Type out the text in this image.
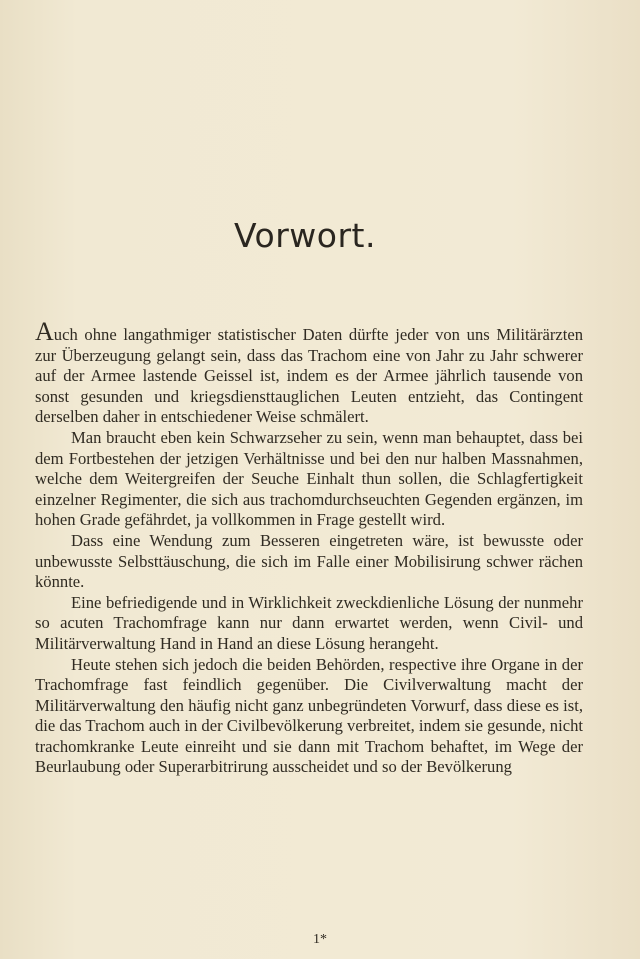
Vorwort.

Auch ohne langathmiger statistischer Daten dürfte jeder von uns Militärärzten zur Überzeugung gelangt sein, dass das Trachom eine von Jahr zu Jahr schwerer auf der Armee lastende Geissel ist, indem es der Armee jährlich tausende von sonst gesunden und kriegsdiensttauglichen Leuten entzieht, das Contingent derselben daher in entschiedener Weise schmälert.

Man braucht eben kein Schwarzseher zu sein, wenn man behauptet, dass bei dem Fortbestehen der jetzigen Verhältnisse und bei den nur halben Massnahmen, welche dem Weitergreifen der Seuche Einhalt thun sollen, die Schlagfertigkeit einzelner Regimenter, die sich aus trachomdurchseuchten Gegenden ergänzen, im hohen Grade gefährdet, ja vollkommen in Frage gestellt wird.

Dass eine Wendung zum Besseren eingetreten wäre, ist bewusste oder unbewusste Selbsttäuschung, die sich im Falle einer Mobilisirung schwer rächen könnte.

Eine befriedigende und in Wirklichkeit zweckdienliche Lösung der nunmehr so acuten Trachomfrage kann nur dann erwartet werden, wenn Civil- und Militärverwaltung Hand in Hand an diese Lösung herangeht.

Heute stehen sich jedoch die beiden Behörden, respective ihre Organe in der Trachomfrage fast feindlich gegenüber. Die Civilverwaltung macht der Militärverwaltung den häufig nicht ganz unbegründeten Vorwurf, dass diese es ist, die das Trachom auch in der Civilbevölkerung verbreitet, indem sie gesunde, nicht trachomkranke Leute einreiht und sie dann mit Trachom behaftet, im Wege der Beurlaubung oder Superarbitrirung ausscheidet und so der Bevölkerung

1*
